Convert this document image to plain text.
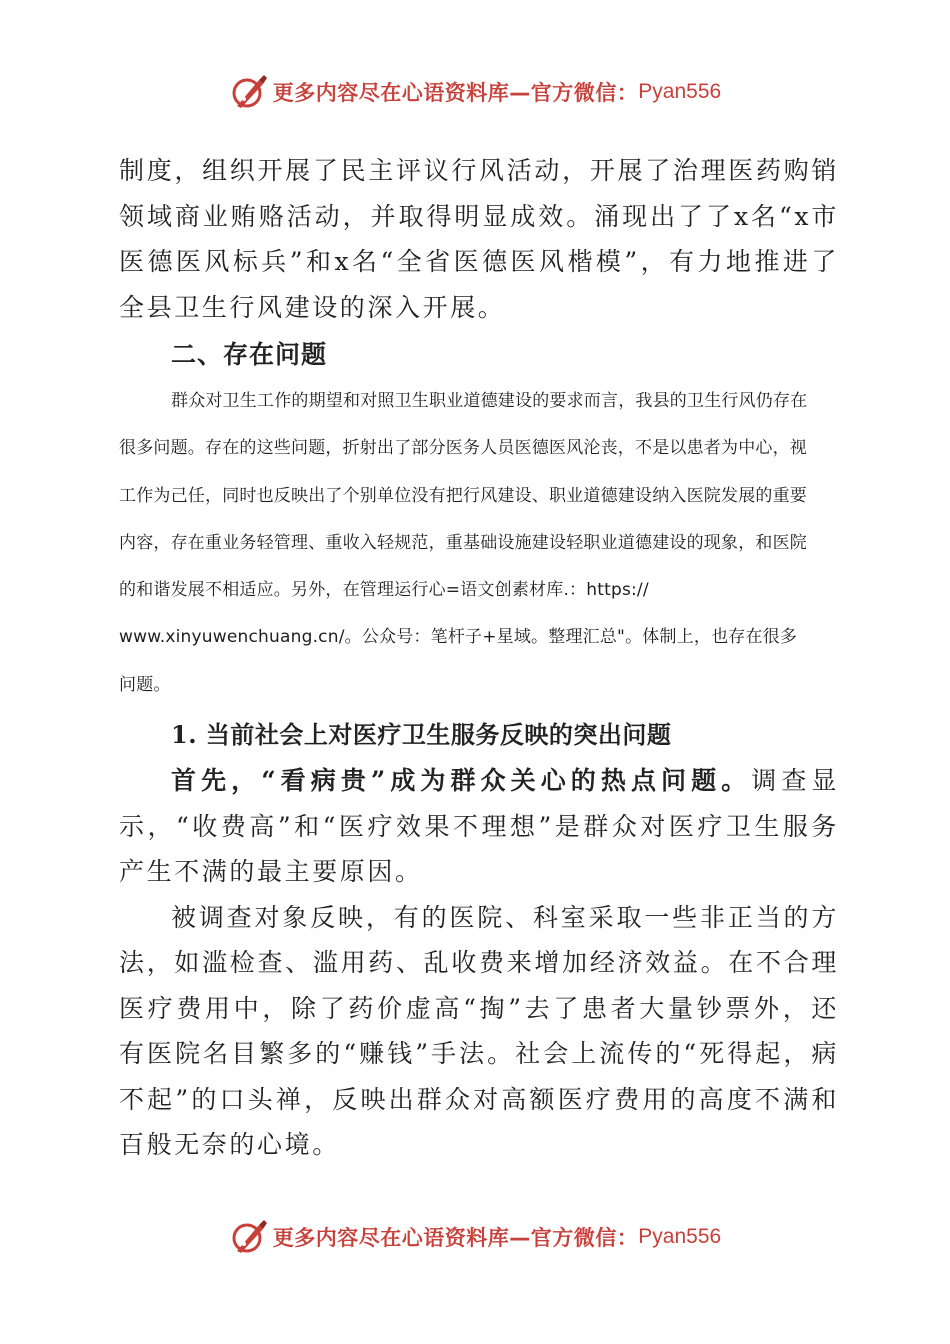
更多内容尽在心语资料库—官方微信： Pyan556

制度，组织开展了民主评议行风活动，开展了治理医药购销领域商业贿赂活动，并取得明显成效。涌现出了了x名“x市医德医风标兵”和x名“全省医德医风楷模”，有力地推进了全县卫生行风建设的深入开展。

二、存在问题

群众对卫生工作的期望和对照卫生职业道德建设的要求而言，我县的卫生行风仍存在

很多问题。存在的这些问题，折射出了部分医务人员医德医风沦丧，不是以患者为中心，视

工作为己任，同时也反映出了个别单位没有把行风建设、职业道德建设纳入医院发展的重要

内容，存在重业务轻管理、重收入轻规范，重基础设施建设轻职业道德建设的现象，和医院

的和谐发展不相适应。另外，在管理运行心=语文创素材库.：https://

www.xinyuwenchuang.cn/。公众号：笔杆子+星域。整理汇总"。体制上，也存在很多

问题。

1. 当前社会上对医疗卫生服务反映的突出问题

首先，“看病贵”成为群众关心的热点问题。调查显示，“收费高”和“医疗效果不理想”是群众对医疗卫生服务产生不满的最主要原因。

被调查对象反映，有的医院、科室采取一些非正当的方法，如滥检查、滥用药、乱收费来增加经济效益。在不合理医疗费用中，除了药价虚高“掏”去了患者大量钞票外，还有医院名目繁多的“赚钱”手法。社会上流传的“死得起，病不起”的口头禅，反映出群众对高额医疗费用的高度不满和百般无奈的心境。

更多内容尽在心语资料库—官方微信： Pyan556
